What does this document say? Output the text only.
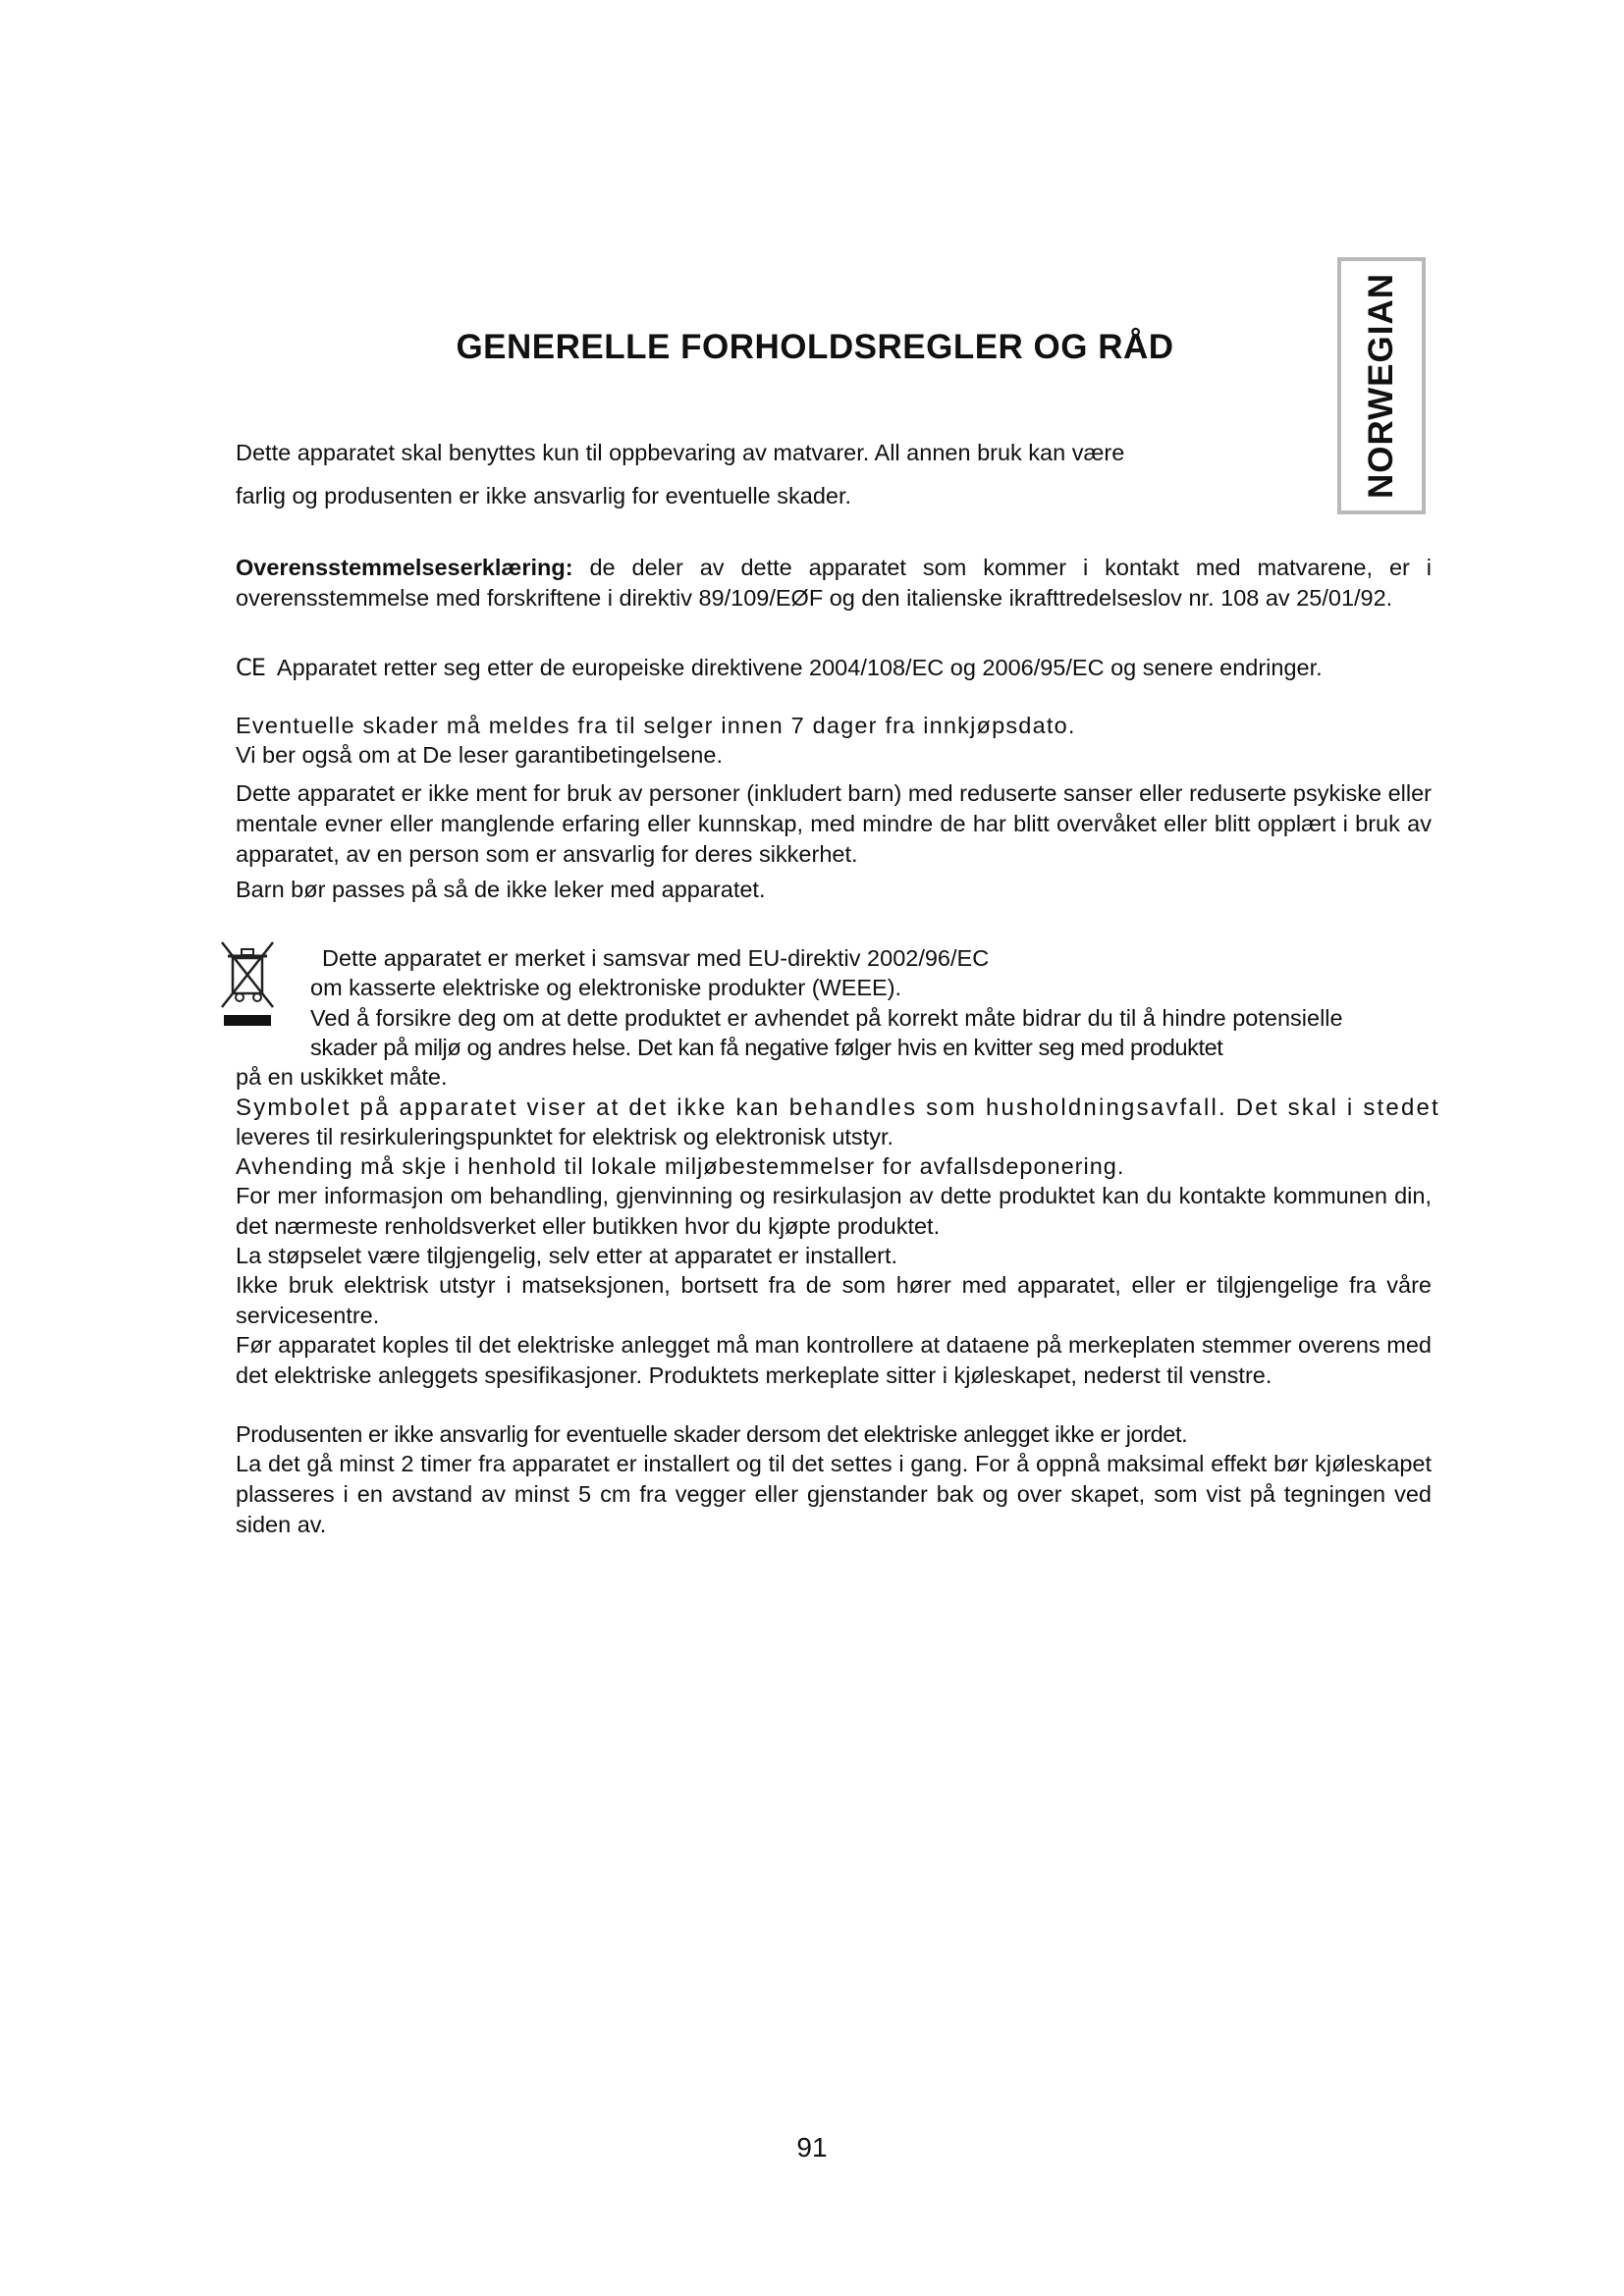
GENERELLE FORHOLDSREGLER OG RÅD	NORWEGIAN
Dette apparatet skal benyttes kun til oppbevaring av matvarer. All annen bruk kan være
farlig og produsenten er ikke ansvarlig for eventuelle skader.
Overensstemmelseserklæring: de deler av dette apparatet som kommer i kontakt med matvarene, er i overensstemmelse med forskriftene i direktiv 89/109/EØF og den italienske ikrafttredelseslov nr. 108 av 25/01/92.
CE Apparatet retter seg etter de europeiske direktivene 2004/108/EC og 2006/95/EC og senere endringer.
Eventuelle skader må meldes fra til selger innen 7 dager fra innkjøpsdato.
Vi ber også om at De leser garantibetingelsene.
Dette apparatet er ikke ment for bruk av personer (inkludert barn) med reduserte sanser eller reduserte psykiske eller mentale evner eller manglende erfaring eller kunnskap, med mindre de har blitt overvåket eller blitt opplært i bruk av apparatet, av en person som er ansvarlig for deres sikkerhet.
Barn bør passes på så de ikke leker med apparatet.
Dette apparatet er merket i samsvar med EU-direktiv 2002/96/EC
om kasserte elektriske og elektroniske produkter (WEEE).
Ved å forsikre deg om at dette produktet er avhendet på korrekt måte bidrar du til å hindre potensielle
skader på miljø og andres helse. Det kan få negative følger hvis en kvitter seg med produktet
på en uskikket måte.
Symbolet på apparatet viser at det ikke kan behandles som husholdningsavfall. Det skal i stedet
leveres til resirkuleringspunktet for elektrisk og elektronisk utstyr.
Avhending må skje i henhold til lokale miljøbestemmelser for avfallsdeponering.
For mer informasjon om behandling, gjenvinning og resirkulasjon av dette produktet kan du kontakte kommunen din, det nærmeste renholdsverket eller butikken hvor du kjøpte produktet.
La støpselet være tilgjengelig, selv etter at apparatet er installert.
Ikke bruk elektrisk utstyr i matseksjonen, bortsett fra de som hører med apparatet, eller er tilgjengelige fra våre servicesentre.
Før apparatet koples til det elektriske anlegget må man kontrollere at dataene på merkeplaten stemmer overens med det elektriske anleggets spesifikasjoner. Produktets merkeplate sitter i kjøleskapet, nederst til venstre.
Produsenten er ikke ansvarlig for eventuelle skader dersom det elektriske anlegget ikke er jordet.
La det gå minst 2 timer fra apparatet er installert og til det settes i gang. For å oppnå maksimal effekt bør kjøleskapet plasseres i en avstand av minst 5 cm fra vegger eller gjenstander bak og over skapet, som vist på tegningen ved siden av.
91
